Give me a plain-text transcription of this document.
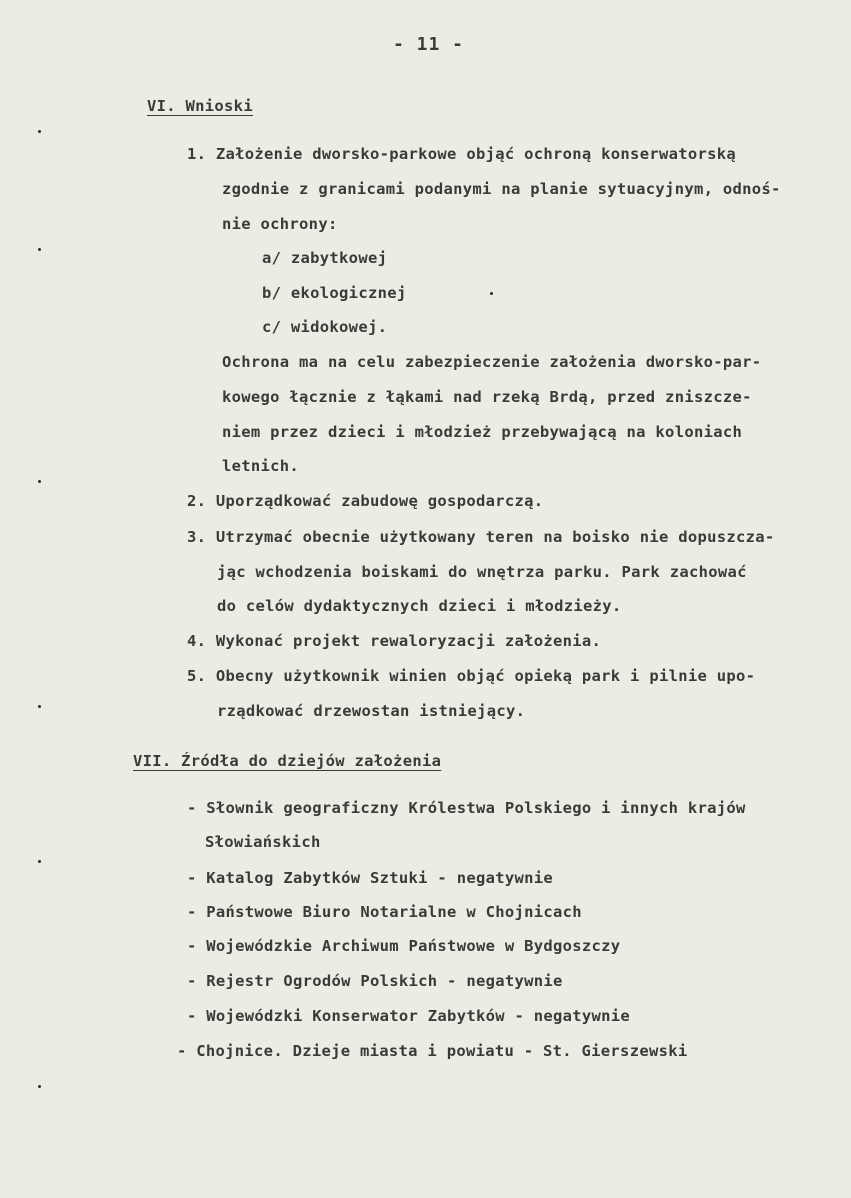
- 11 -
VI. Wnioski
1. Założenie dworsko-parkowe objąć ochroną konserwatorską
zgodnie z granicami podanymi na planie sytuacyjnym, odnoś-
nie ochrony:
a/ zabytkowej
b/ ekologicznej
c/ widokowej.
Ochrona ma na celu zabezpieczenie założenia dworsko-par-
kowego łącznie z łąkami nad rzeką Brdą, przed zniszcze-
niem przez dzieci i młodzież przebywającą na koloniach
letnich.
2. Uporządkować zabudowę gospodarczą.
3. Utrzymać obecnie użytkowany teren na boisko nie dopuszcza-
jąc wchodzenia boiskami do wnętrza parku. Park zachować
do celów dydaktycznych dzieci i młodzieży.
4. Wykonać projekt rewaloryzacji założenia.
5. Obecny użytkownik winien objąć opieką park i pilnie upo-
rządkować drzewostan istniejący.
VII. Źródła do dziejów założenia
- Słownik geograficzny Królestwa Polskiego i innych krajów
Słowiańskich
- Katalog Zabytków Sztuki - negatywnie
- Państwowe Biuro Notarialne w Chojnicach
- Wojewódzkie Archiwum Państwowe w Bydgoszczy
- Rejestr Ogrodów Polskich - negatywnie
- Wojewódzki Konserwator Zabytków - negatywnie
- Chojnice. Dzieje miasta i powiatu - St. Gierszewski
